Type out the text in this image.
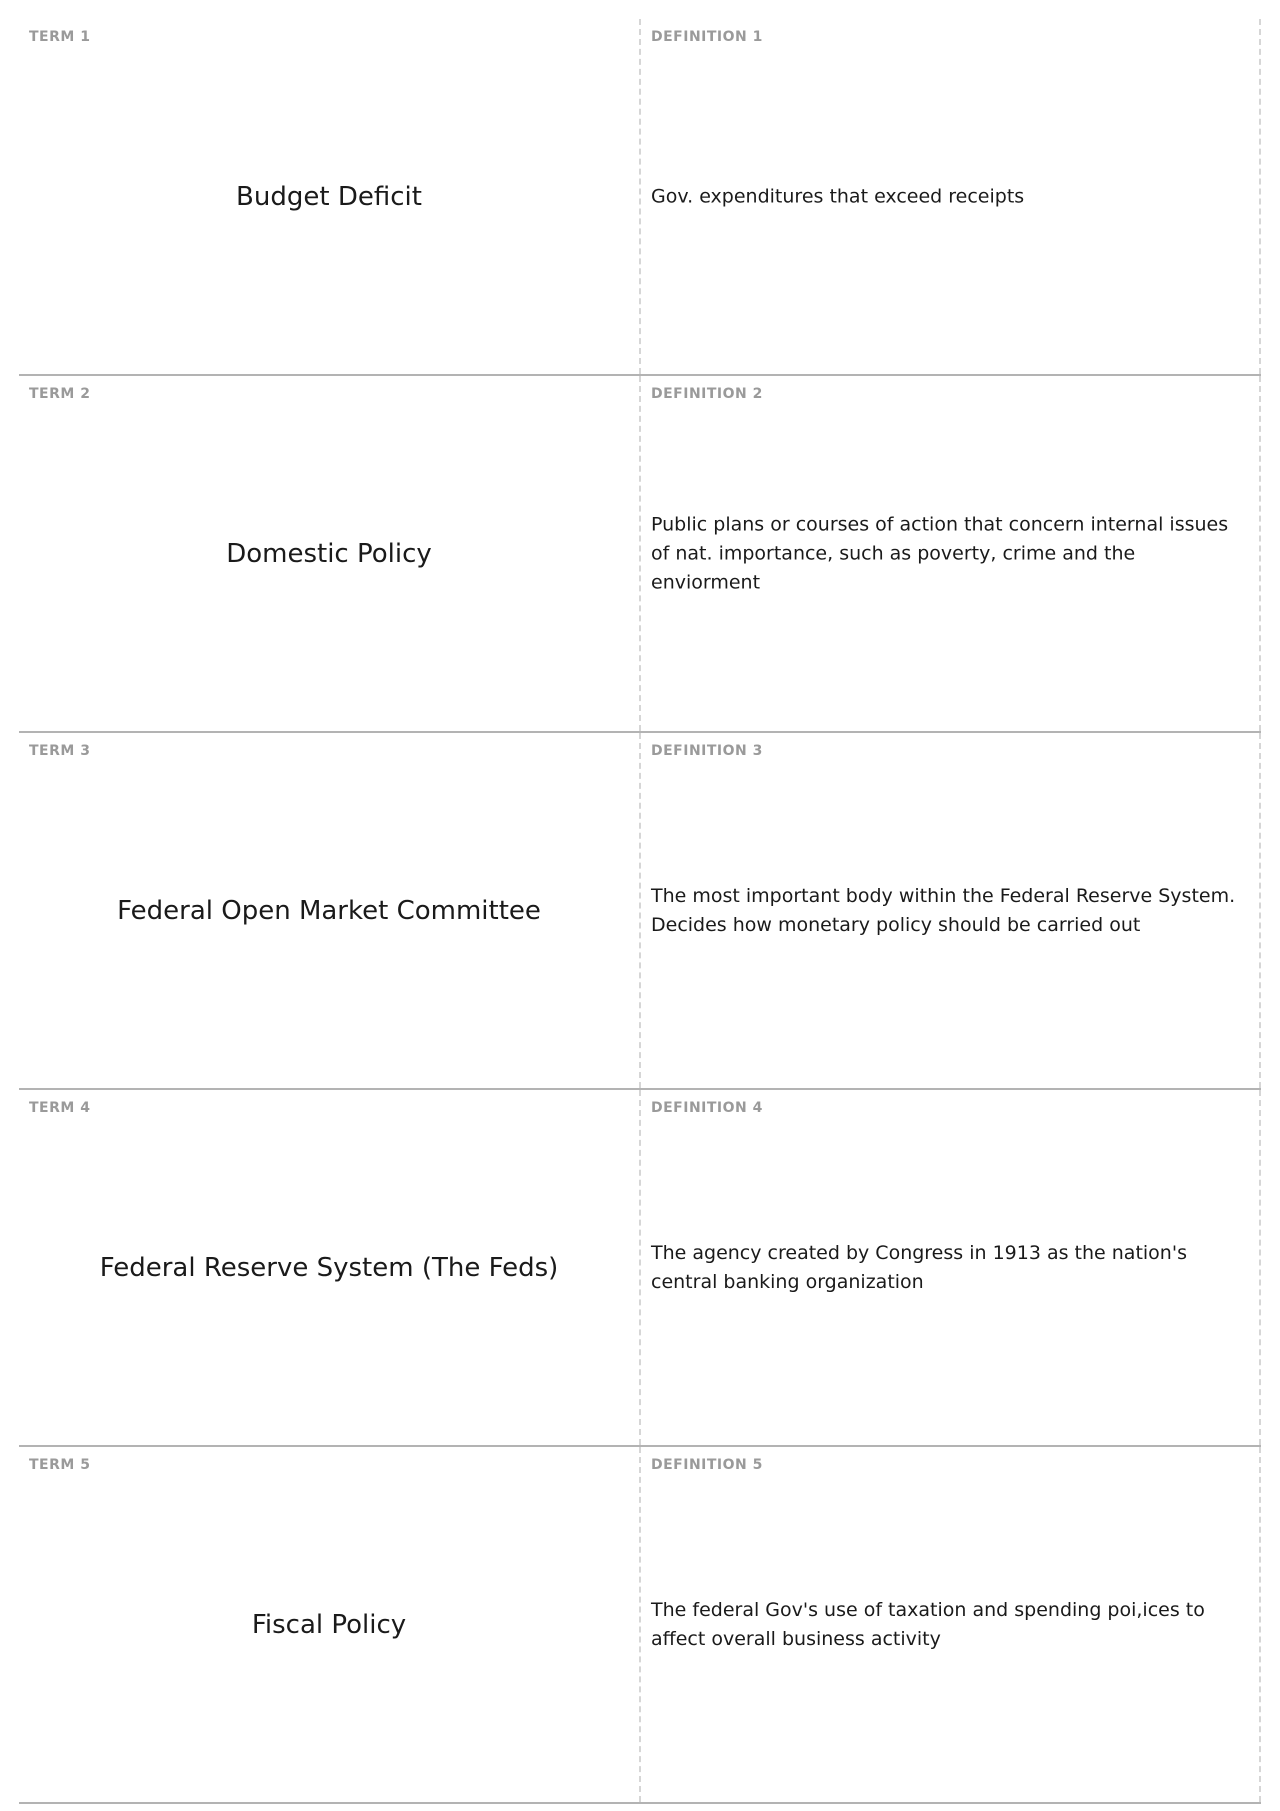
TERM 1
Budget Deficit
DEFINITION 1
Gov. expenditures that exceed receipts
TERM 2
Domestic Policy
DEFINITION 2
Public plans or courses of action that concern internal issues of nat. importance, such as poverty, crime and the enviorment
TERM 3
Federal Open Market Committee
DEFINITION 3
The most important body within the Federal Reserve System. Decides how monetary policy should be carried out
TERM 4
Federal Reserve System (The Feds)
DEFINITION 4
The agency created by Congress in 1913 as the nation's central banking organization
TERM 5
Fiscal Policy
DEFINITION 5
The federal Gov's use of taxation and spending poi,ices to affect overall business activity
